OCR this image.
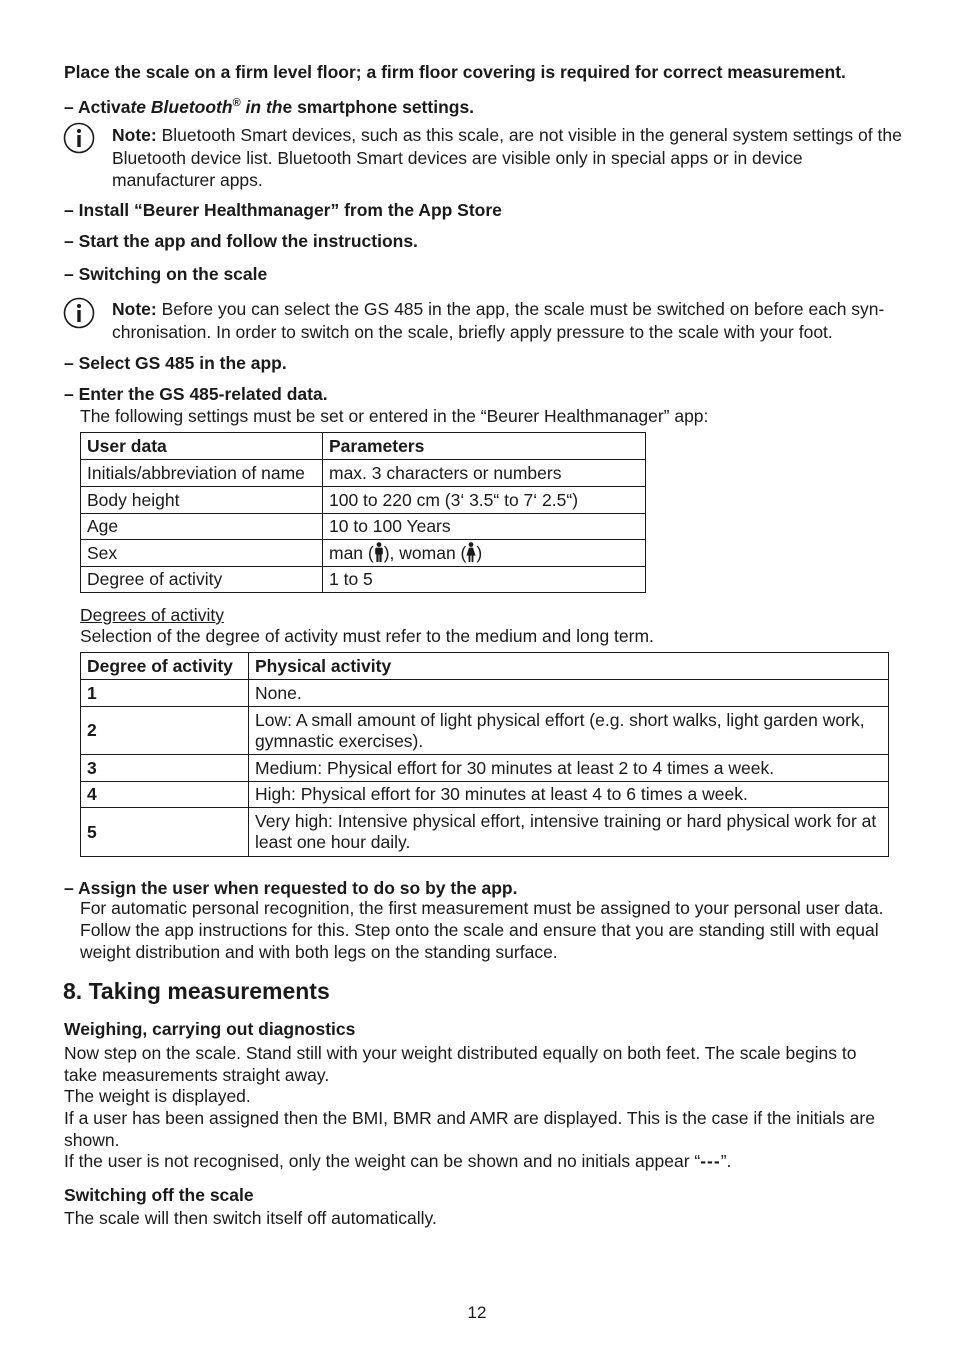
Place the scale on a firm level floor; a firm floor covering is required for correct measurement.
– Activate Bluetooth® in the smartphone settings.
Note: Bluetooth Smart devices, such as this scale, are not visible in the general system settings of the Bluetooth device list. Bluetooth Smart devices are visible only in special apps or in device manufacturer apps.
– Install “Beurer Healthmanager” from the App Store
– Start the app and follow the instructions.
– Switching on the scale
Note: Before you can select the GS 485 in the app, the scale must be switched on before each syn-chronisation. In order to switch on the scale, briefly apply pressure to the scale with your foot.
– Select GS 485 in the app.
– Enter the GS 485-related data.
The following settings must be set or entered in the “Beurer Healthmanager” app:
User data	Parameters
Initials/abbreviation of name	max. 3 characters or numbers
Body height	100 to 220 cm (3‘ 3.5“ to 7‘ 2.5“)
Age	10 to 100 Years
Sex	man ( ), woman ( )
Degree of activity	1 to 5
Degrees of activity
Selection of the degree of activity must refer to the medium and long term.
Degree of activity	Physical activity
1	None.
2	Low: A small amount of light physical effort (e.g. short walks, light garden work, gymnastic exercises).
3	Medium: Physical effort for 30 minutes at least 2 to 4 times a week.
4	High: Physical effort for 30 minutes at least 4 to 6 times a week.
5	Very high: Intensive physical effort, intensive training or hard physical work for at least one hour daily.
– Assign the user when requested to do so by the app.
For automatic personal recognition, the first measurement must be assigned to your personal user data. Follow the app instructions for this. Step onto the scale and ensure that you are standing still with equal weight distribution and with both legs on the standing surface.
8. Taking measurements
Weighing, carrying out diagnostics
Now step on the scale. Stand still with your weight distributed equally on both feet. The scale begins to take measurements straight away.
The weight is displayed.
If a user has been assigned then the BMI, BMR and AMR are displayed. This is the case if the initials are shown.
If the user is not recognised, only the weight can be shown and no initials appear “---”.
Switching off the scale
The scale will then switch itself off automatically.
12
